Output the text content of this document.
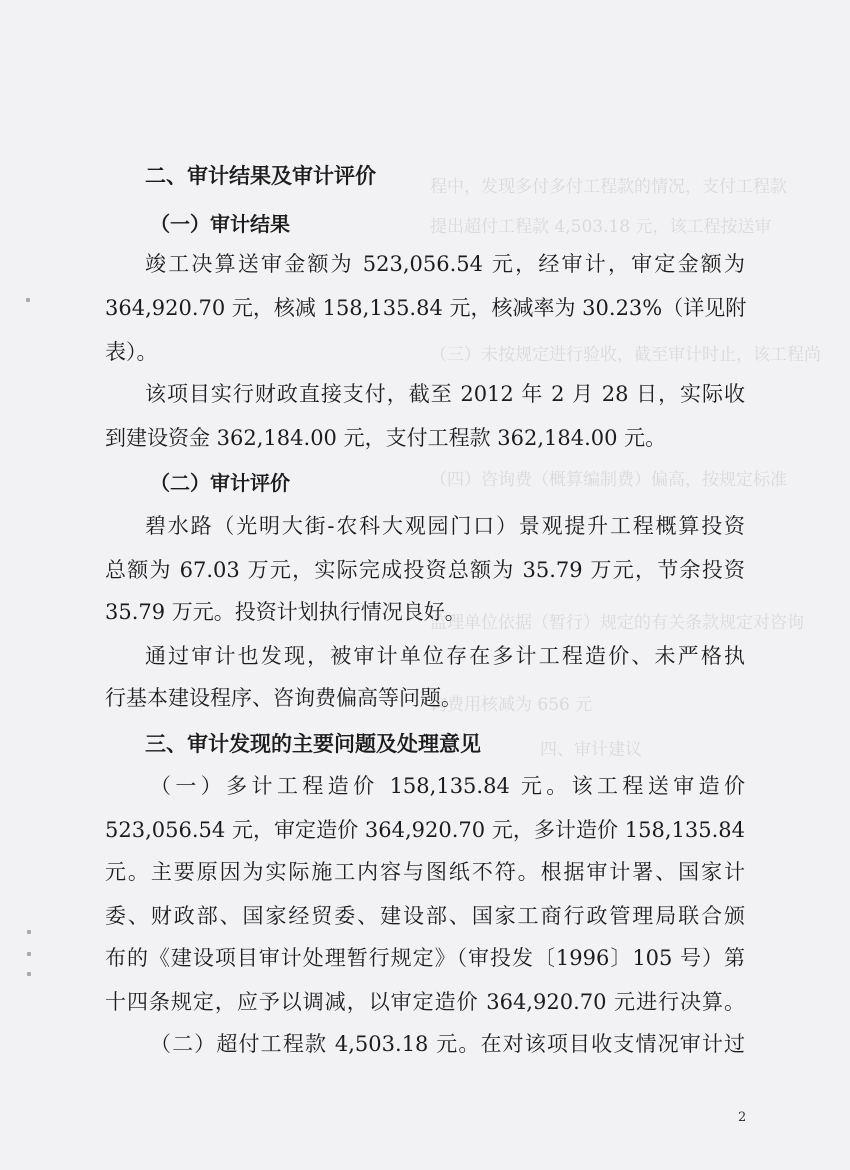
程中，发现多付多付工程款的情况，支付工程款
提出超付工程款 4,503.18 元，该工程按送审
（三）未按规定进行验收，截至审计时止，该工程尚
（四）咨询费（概算编制费）偏高，按规定标准
监理单位依据（暂行）规定的有关条款规定对咨询
询费用核减为 656 元
四、审计建议
二、审计结果及审计评价
（一）审计结果
竣工决算送审金额为 523,056.54 元，经审计，审定金额为
364,920.70 元，核减 158,135.84 元，核减率为 30.23%（详见附
表）。
该项目实行财政直接支付，截至 2012 年 2 月 28 日，实际收
到建设资金 362,184.00 元，支付工程款 362,184.00 元。
（二）审计评价
碧水路（光明大街-农科大观园门口）景观提升工程概算投资
总额为 67.03 万元，实际完成投资总额为 35.79 万元，节余投资
35.79 万元。投资计划执行情况良好。
通过审计也发现，被审计单位存在多计工程造价、未严格执
行基本建设程序、咨询费偏高等问题。
三、审计发现的主要问题及处理意见
（一）多计工程造价 158,135.84 元。该工程送审造价
523,056.54 元，审定造价 364,920.70 元，多计造价 158,135.84
元。主要原因为实际施工内容与图纸不符。根据审计署、国家计
委、财政部、国家经贸委、建设部、国家工商行政管理局联合颁
布的《建设项目审计处理暂行规定》（审投发〔1996〕105 号）第
十四条规定，应予以调减，以审定造价 364,920.70 元进行决算。
（二）超付工程款 4,503.18 元。在对该项目收支情况审计过
2
